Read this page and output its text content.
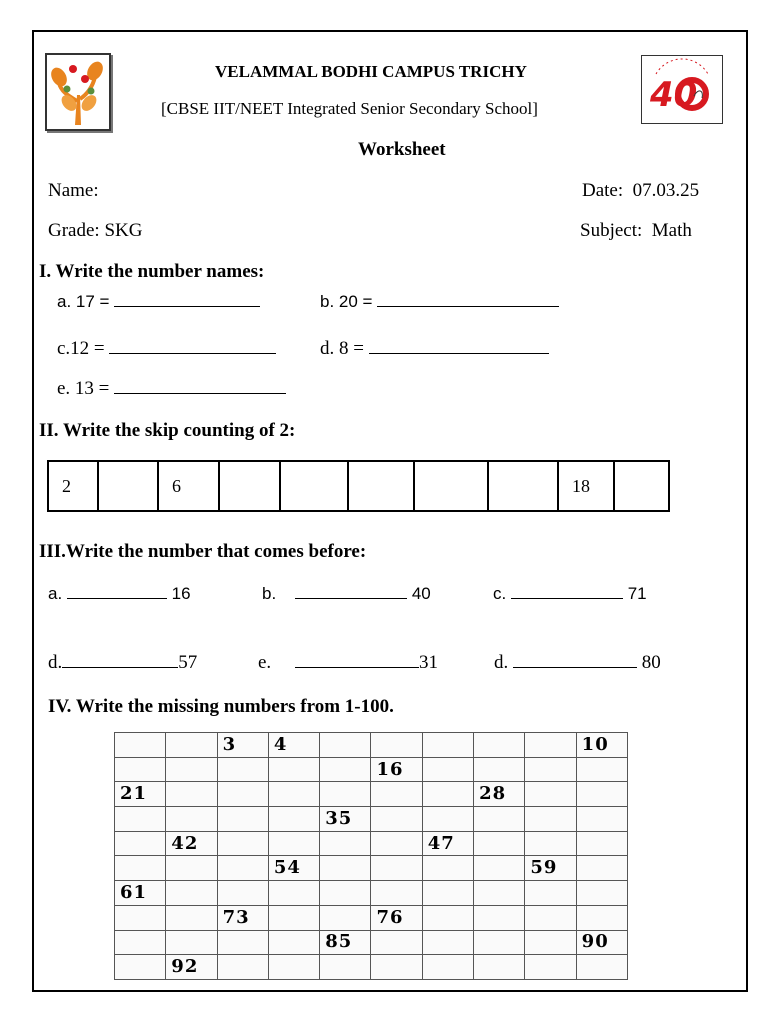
40
VELAMMAL BODHI CAMPUS TRICHY
[CBSE IIT/NEET Integrated Senior Secondary School]
Worksheet
Name:	Date: 07.03.25
Grade: SKG	Subject: Math
I. Write the number names:
a. 17 =	b. 20 =
c.12 =	d. 8 =
e. 13 =
II. Write the skip counting of 2:
2		6						18	
III.Write the number that comes before:
a.	16	b.	40	c.	71
d.	57	e.	31	d.	80
IV. Write the missing numbers from 1-100.
		3	4						10
					16				
21							28		
				35					
	42					47			
			54					59	
61									
		73			76				
				85					90
	92								
